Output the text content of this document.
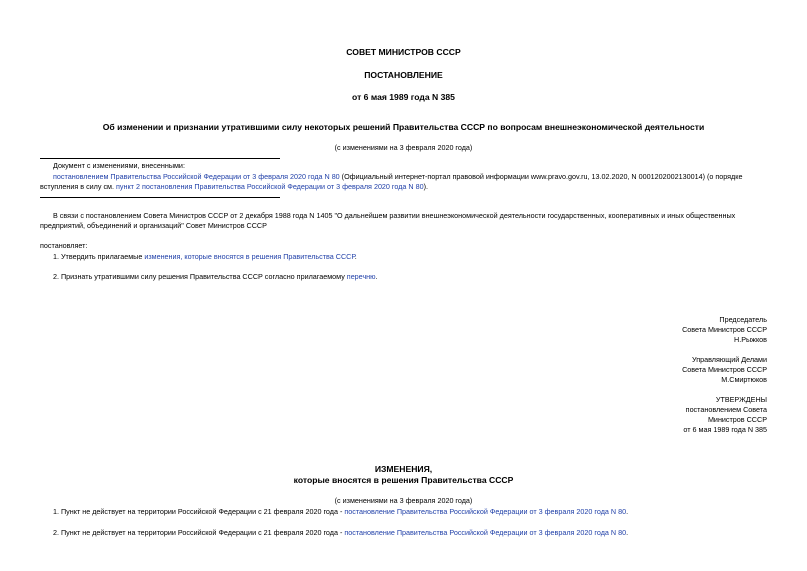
СОВЕТ МИНИСТРОВ СССР
ПОСТАНОВЛЕНИЕ
от 6 мая 1989 года N 385
Об изменении и признании утратившими силу некоторых решений Правительства СССР по вопросам внешнеэкономической деятельности
(с изменениями на 3 февраля 2020 года)
Документ с изменениями, внесенными:
постановлением Правительства Российской Федерации от 3 февраля 2020 года N 80 (Официальный интернет-портал правовой информации www.pravo.gov.ru, 13.02.2020, N 0001202002130014) (о порядке
вступления в силу см. пункт 2 постановления Правительства Российской Федерации от 3 февраля 2020 года N 80).
В связи с постановлением Совета Министров СССР от 2 декабря 1988 года N 1405 "О дальнейшем развитии внешнеэкономической деятельности государственных, кооперативных и иных общественных
предприятий, объединений и организаций" Совет Министров СССР
постановляет:
1. Утвердить прилагаемые изменения, которые вносятся в решения Правительства СССР.
2. Признать утратившими силу решения Правительства СССР согласно прилагаемому перечню.
Председатель
Совета Министров СССР
Н.Рыжков
Управляющий Делами
Совета Министров СССР
М.Смиртюков
УТВЕРЖДЕНЫ
постановлением Совета
Министров СССР
от 6 мая 1989 года N 385
ИЗМЕНЕНИЯ,
которые вносятся в решения Правительства СССР
(с изменениями на 3 февраля 2020 года)
1. Пункт не действует на территории Российской Федерации с 21 февраля 2020 года - постановление Правительства Российской Федерации от 3 февраля 2020 года N 80.
2. Пункт не действует на территории Российской Федерации с 21 февраля 2020 года - постановление Правительства Российской Федерации от 3 февраля 2020 года N 80.
